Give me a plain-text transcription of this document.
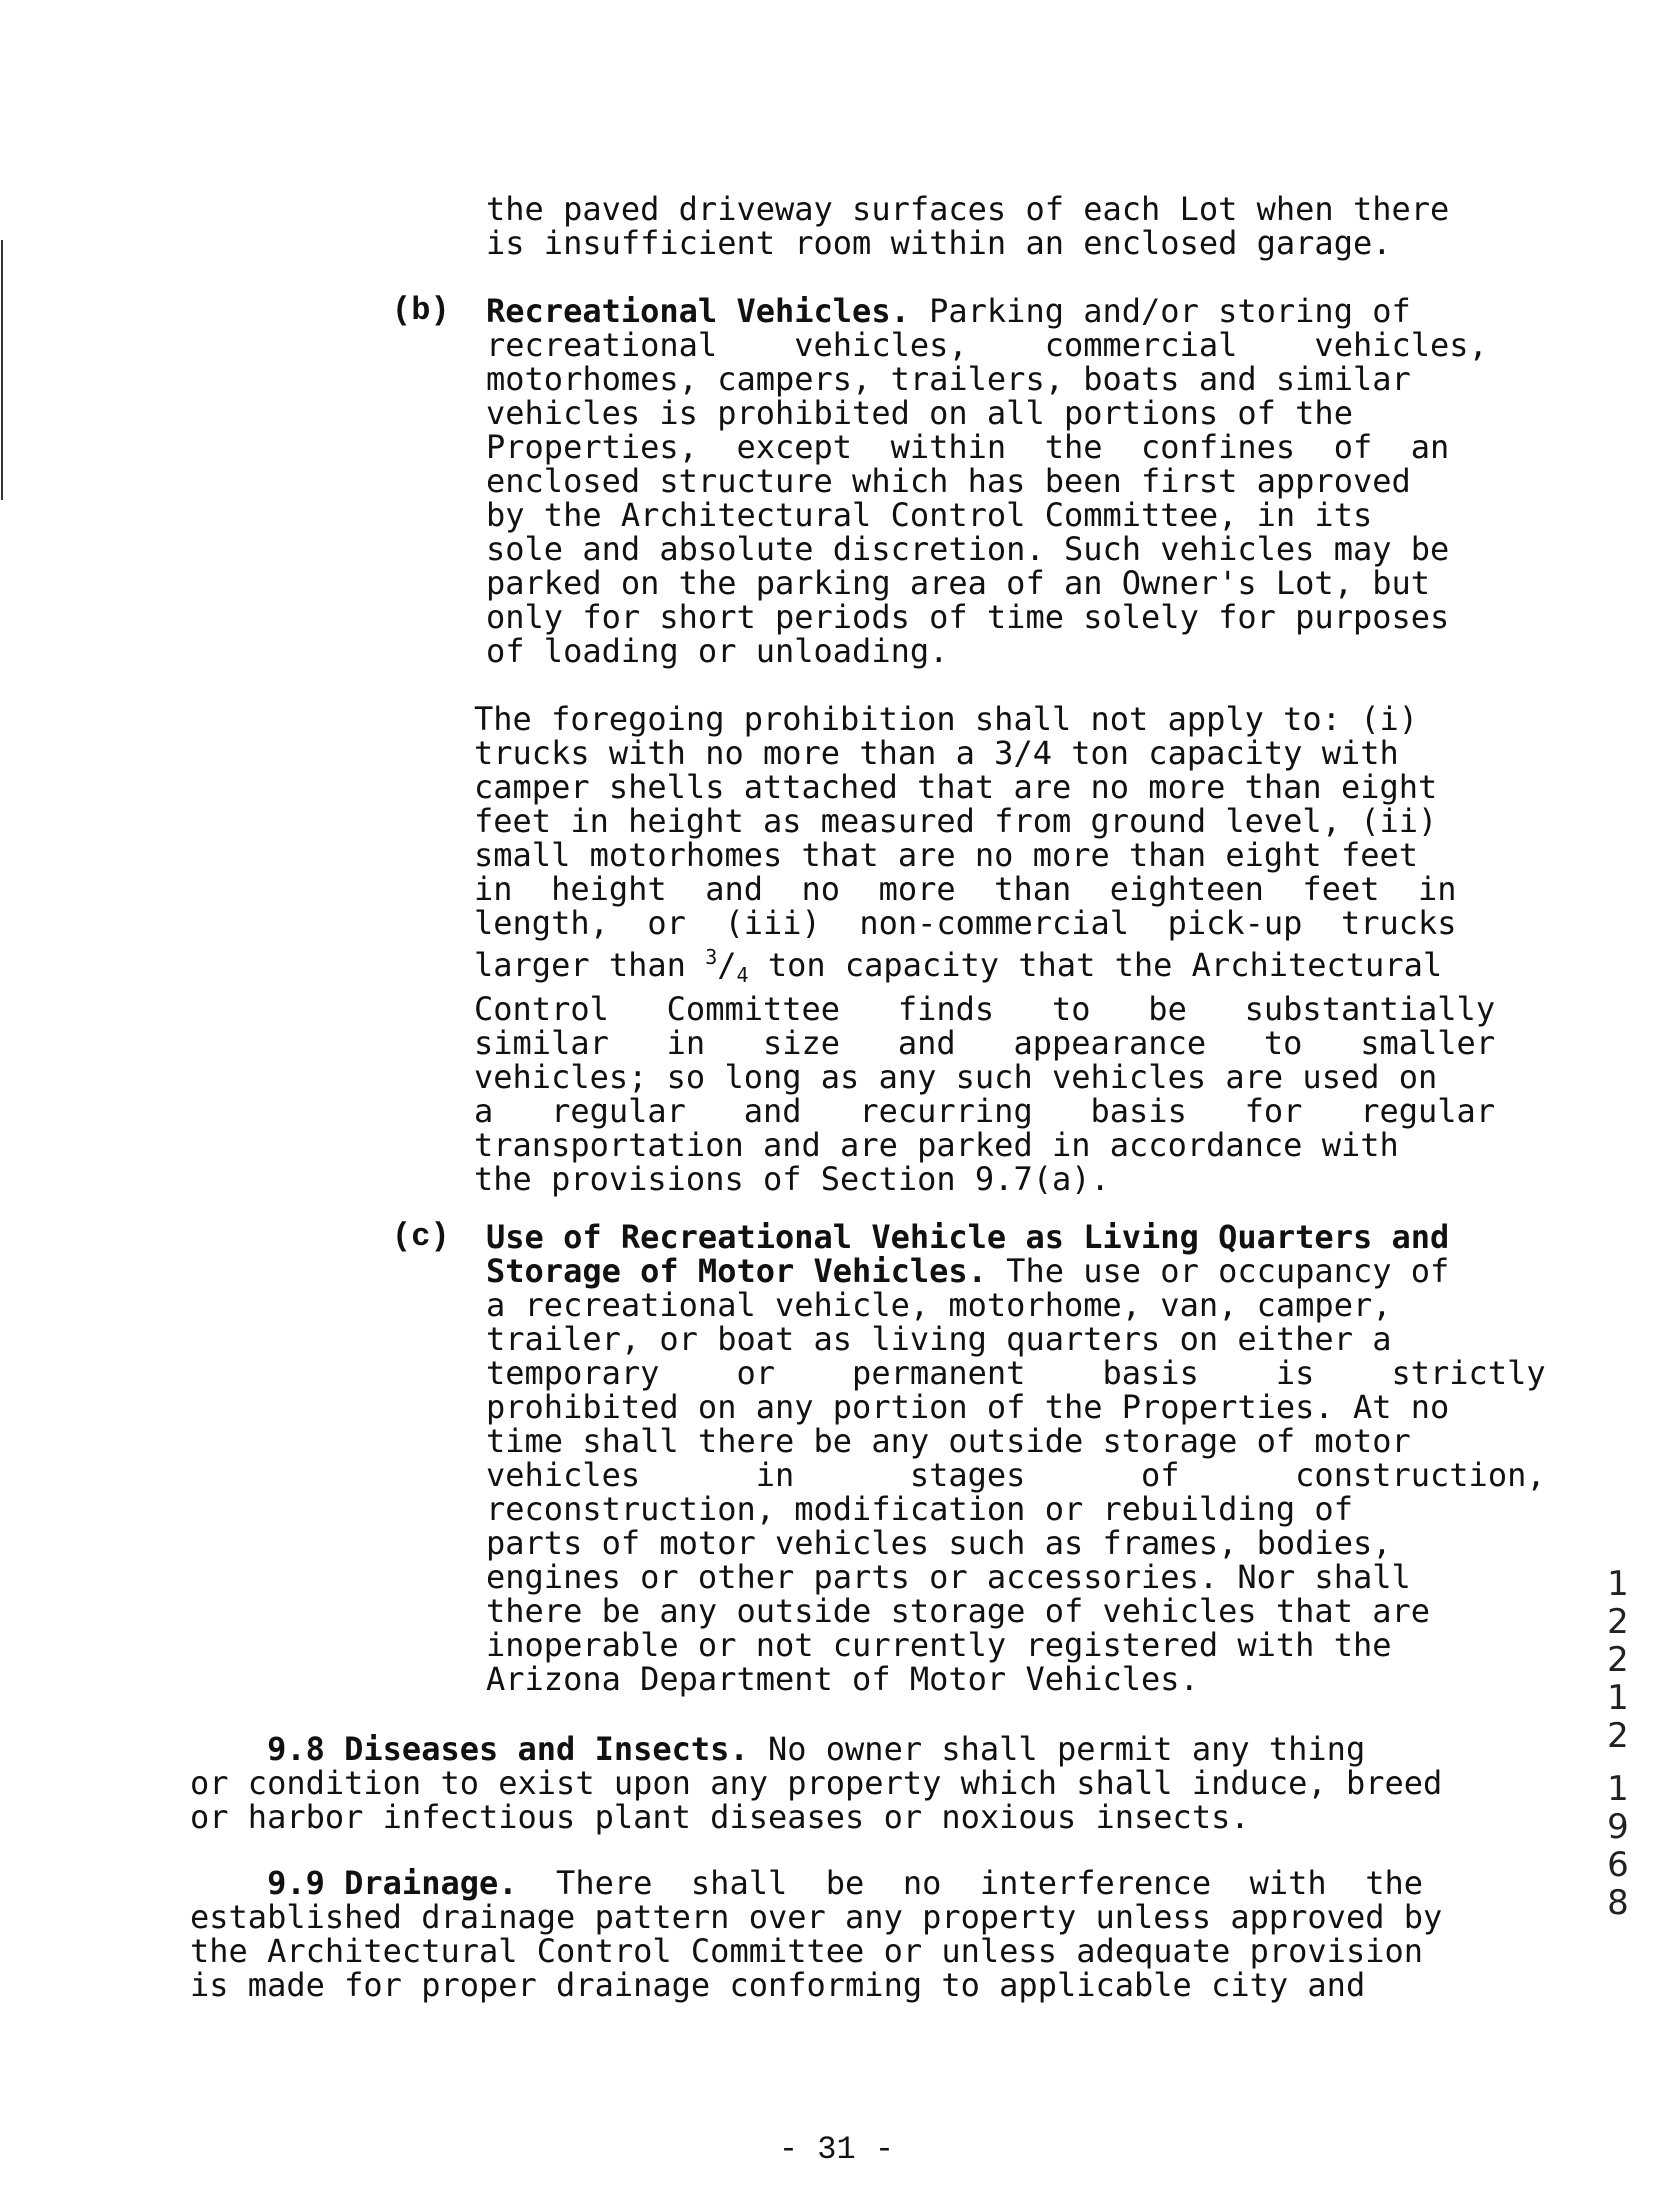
the paved driveway surfaces of each Lot when there
is insufficient room within an enclosed garage.
(b) Recreational Vehicles. Parking and/or storing of
recreational    vehicles,    commercial    vehicles,
motorhomes, campers, trailers, boats and similar
vehicles is prohibited on all portions of the
Properties,  except  within  the  confines  of  an
enclosed structure which has been first approved
by the Architectural Control Committee, in its
sole and absolute discretion. Such vehicles may be
parked on the parking area of an Owner's Lot, but
only for short periods of time solely for purposes
of loading or unloading.
The foregoing prohibition shall not apply to: (i)
trucks with no more than a 3/4 ton capacity with
camper shells attached that are no more than eight
feet in height as measured from ground level, (ii)
small motorhomes that are no more than eight feet
in  height  and  no  more  than  eighteen  feet  in
length,  or  (iii)  non-commercial  pick-up  trucks
larger than $^3/_4$ ton capacity that the Architectural
Control   Committee   finds   to   be   substantially
similar   in   size   and   appearance   to   smaller
vehicles; so long as any such vehicles are used on
a   regular   and   recurring   basis   for   regular
transportation and are parked in accordance with
the provisions of Section 9.7(a).
(c) Use of Recreational Vehicle as Living Quarters and
Storage of Motor Vehicles. The use or occupancy of
a recreational vehicle, motorhome, van, camper,
trailer, or boat as living quarters on either a
temporary    or    permanent    basis    is    strictly
prohibited on any portion of the Properties. At no
time shall there be any outside storage of motor
vehicles      in      stages      of      construction,
reconstruction, modification or rebuilding of
parts of motor vehicles such as frames, bodies,
engines or other parts or accessories. Nor shall
there be any outside storage of vehicles that are
inoperable or not currently registered with the
Arizona Department of Motor Vehicles.
9.8 Diseases and Insects. No owner shall permit any thing
or condition to exist upon any property which shall induce, breed
or harbor infectious plant diseases or noxious insects.
9.9 Drainage.  There  shall  be  no  interference  with  the
established drainage pattern over any property unless approved by
the Architectural Control Committee or unless adequate provision
is made for proper drainage conforming to applicable city and
- 31 -
1
2
2
1
2
1
9
6
8
